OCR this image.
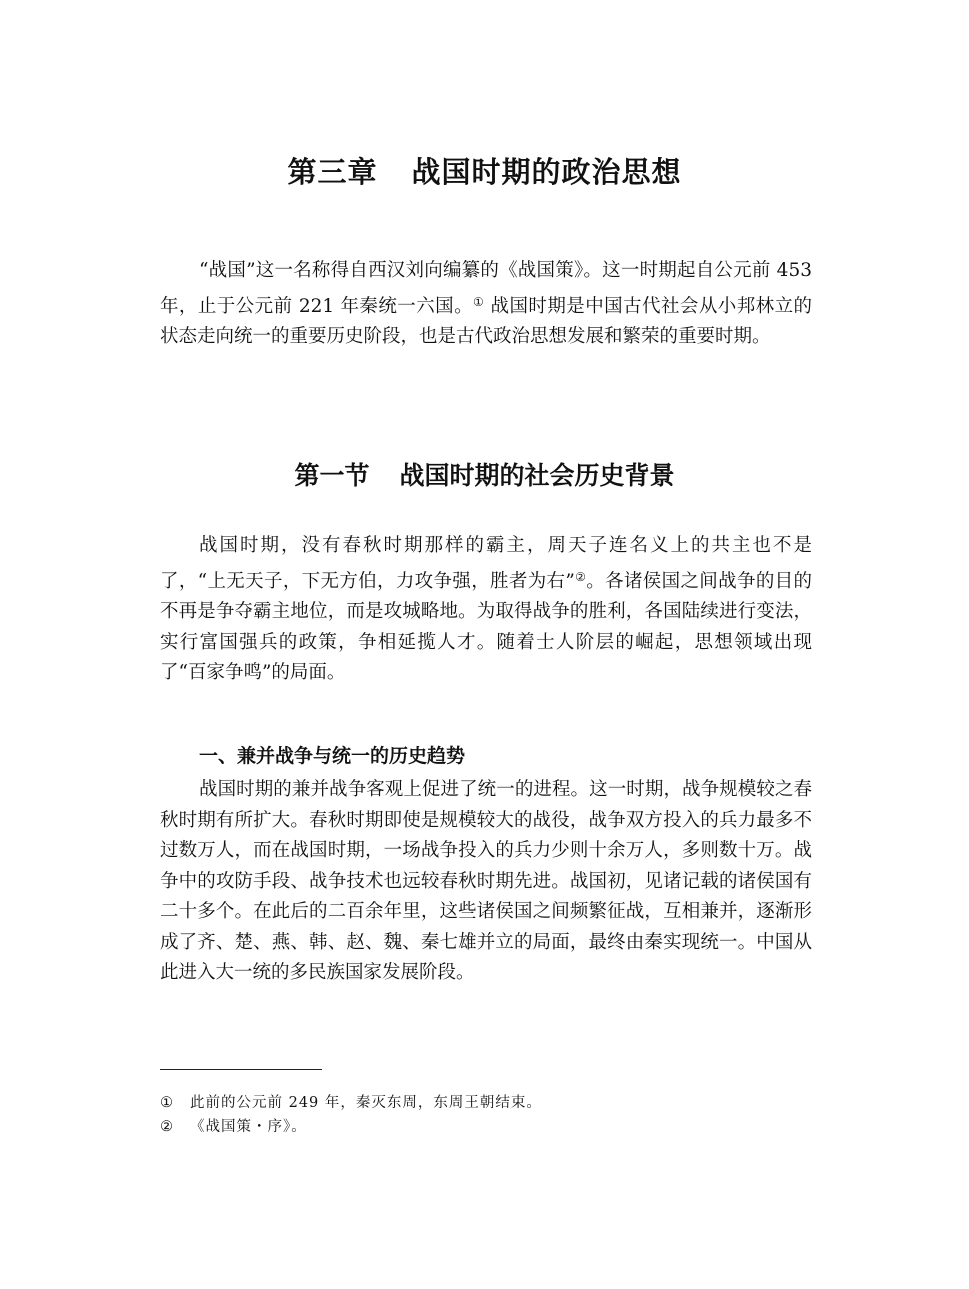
第三章 战国时期的政治思想

“战国”这一名称得自西汉刘向编纂的《战国策》。这一时期起自公元前 453 年，止于公元前 221 年秦统一六国。① 战国时期是中国古代社会从小邦林立的状态走向统一的重要历史阶段，也是古代政治思想发展和繁荣的重要时期。

第一节 战国时期的社会历史背景

战国时期，没有春秋时期那样的霸主，周天子连名义上的共主也不是了，“上无天子，下无方伯，力攻争强，胜者为右”②。各诸侯国之间战争的目的不再是争夺霸主地位，而是攻城略地。为取得战争的胜利，各国陆续进行变法，实行富国强兵的政策，争相延揽人才。随着士人阶层的崛起，思想领域出现了“百家争鸣”的局面。

一、兼并战争与统一的历史趋势

战国时期的兼并战争客观上促进了统一的进程。这一时期，战争规模较之春秋时期有所扩大。春秋时期即使是规模较大的战役，战争双方投入的兵力最多不过数万人，而在战国时期，一场战争投入的兵力少则十余万人，多则数十万。战争中的攻防手段、战争技术也远较春秋时期先进。战国初，见诸记载的诸侯国有二十多个。在此后的二百余年里，这些诸侯国之间频繁征战，互相兼并，逐渐形成了齐、楚、燕、韩、赵、魏、秦七雄并立的局面，最终由秦实现统一。中国从此进入大一统的多民族国家发展阶段。

① 此前的公元前 249 年，秦灭东周，东周王朝结束。
② 《战国策・序》。
